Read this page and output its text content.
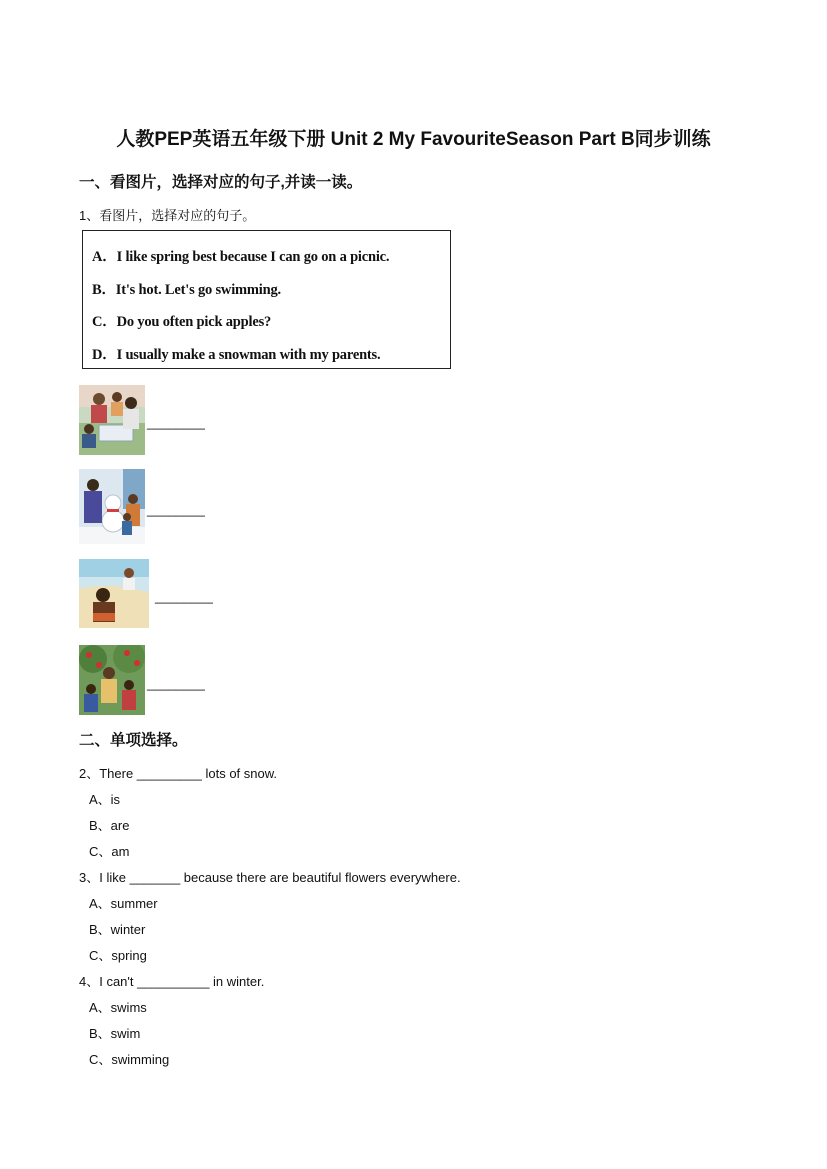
人教PEP英语五年级下册 Unit 2 My FavouriteSeason Part B同步训练
一、看图片，选择对应的句子,并读一读。
1、看图片，选择对应的句子。
A．I like spring best because I can go on a picnic.
B．It's hot. Let's go swimming.
C．Do you often pick apples?
D．I usually make a snowman with my parents.
________
________
________
________
二、单项选择。
2、There _________ lots of snow.
A、is
B、are
C、am
3、I like _______ because there are beautiful flowers everywhere.
A、summer
B、winter
C、spring
4、I can't __________ in winter.
A、swims
B、swim
C、swimming
